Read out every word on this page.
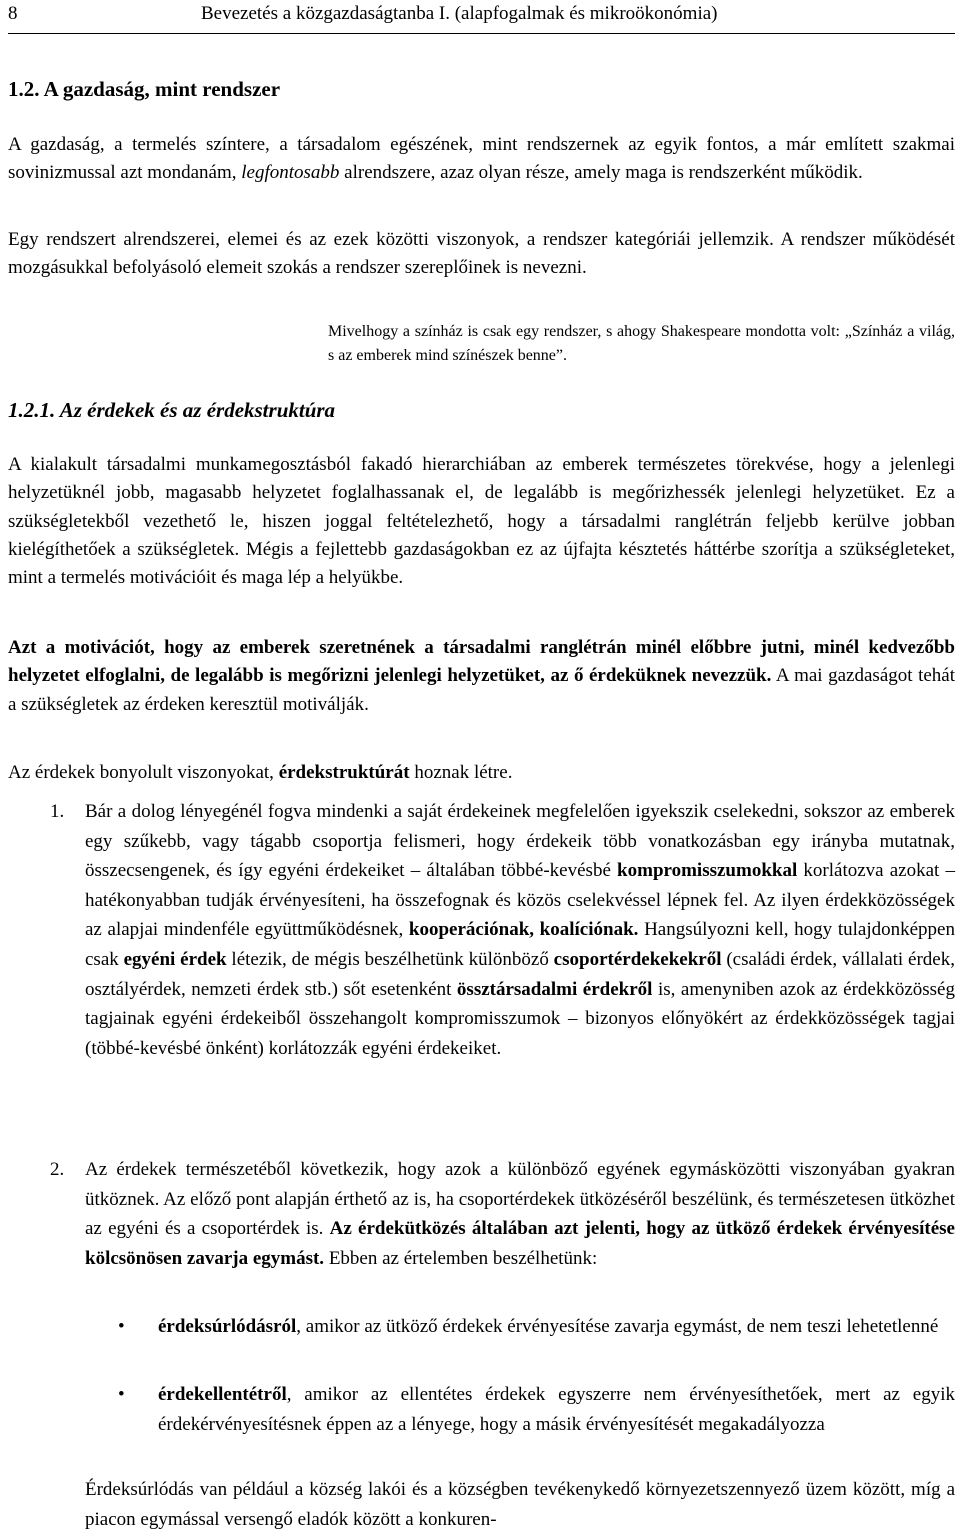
8	Bevezetés a közgazdaságtanba I. (alapfogalmak és mikroökonómia)
1.2. A gazdaság, mint rendszer
A gazdaság, a termelés színtere, a társadalom egészének, mint rendszernek az egyik fontos, a már említett szakmai sovinizmussal azt mondanám, legfontosabb alrendszere, azaz olyan része, amely maga is rendszerként működik.
Egy rendszert alrendszerei, elemei és az ezek közötti viszonyok, a rendszer kategóriái jellemzik. A rendszer működését mozgásukkal befolyásoló elemeit szokás a rendszer szereplőinek is nevezni.
Mivelhogy a színház is csak egy rendszer, s ahogy Shakespeare mondotta volt: „Színház a világ, s az emberek mind színészek benne”.
1.2.1. Az érdekek és az érdekstruktúra
A kialakult társadalmi munkamegosztásból fakadó hierarchiában az emberek természetes törekvése, hogy a jelenlegi helyzetüknél jobb, magasabb helyzetet foglalhassanak el, de legalább is megőrizhessék jelenlegi helyzetüket. Ez a szükségletekből vezethető le, hiszen joggal feltételezhető, hogy a társadalmi ranglétrán feljebb kerülve jobban kielégíthetőek a szükségletek. Mégis a fejlettebb gazdaságokban ez az újfajta késztetés háttérbe szorítja a szükségleteket, mint a termelés motivációit és maga lép a helyükbe.
Azt a motivációt, hogy az emberek szeretnének a társadalmi ranglétrán minél előbbre jutni, minél kedvezőbb helyzetet elfoglalni, de legalább is megőrizni jelenlegi helyzetüket, az ő érdeküknek nevezzük. A mai gazdaságot tehát a szükségletek az érdeken keresztül motiválják.
Az érdekek bonyolult viszonyokat, érdekstruktúrát hoznak létre.
1. Bár a dolog lényegénél fogva mindenki a saját érdekeinek megfelelően igyekszik cselekedni, sokszor az emberek egy szűkebb, vagy tágabb csoportja felismeri, hogy érdekeik több vonatkozásban egy irányba mutatnak, összecsengenek, és így egyéni érdekeiket – általában többé-kevésbé kompromisszumokkal korlátozva azokat – hatékonyabban tudják érvényesíteni, ha összefognak és közös cselekvéssel lépnek fel. Az ilyen érdekközösségek az alapjai mindenféle együttműködésnek, kooperációnak, koalíciónak. Hangsúlyozni kell, hogy tulajdonképpen csak egyéni érdek létezik, de mégis beszélhetünk különböző csoportérdekekekről (családi érdek, vállalati érdek, osztályérdek, nemzeti érdek stb.) sőt esetenként össztársadalmi érdekről is, amenyniben azok az érdekközösség tagjainak egyéni érdekeiből összehangolt kompromisszumok – bizonyos előnyökért az érdekközösségek tagjai (többé-kevésbé önként) korlátozzák egyéni érdekeiket.
2. Az érdekek természetéből következik, hogy azok a különböző egyének egymásközötti viszonyában gyakran ütköznek. Az előző pont alapján érthető az is, ha csoportérdekek ütközéséről beszélünk, és természetesen ütközhet az egyéni és a csoportérdek is. Az érdekütközés általában azt jelenti, hogy az ütköző érdekek érvényesítése kölcsönösen zavarja egymást. Ebben az értelemben beszélhetünk:
• érdeksúrlódásról, amikor az ütköző érdekek érvényesítése zavarja egymást, de nem teszi lehetetlenné
• érdekellentétről, amikor az ellentétes érdekek egyszerre nem érvényesíthetőek, mert az egyik érdekérvényesítésnek éppen az a lényege, hogy a másik érvényesítését megakadályozza
Érdeksúrlódás van például a község lakói és a községben tevékenykedő környezetszennyező üzem között, míg a piacon egymással versengő eladók között a konkuren-
